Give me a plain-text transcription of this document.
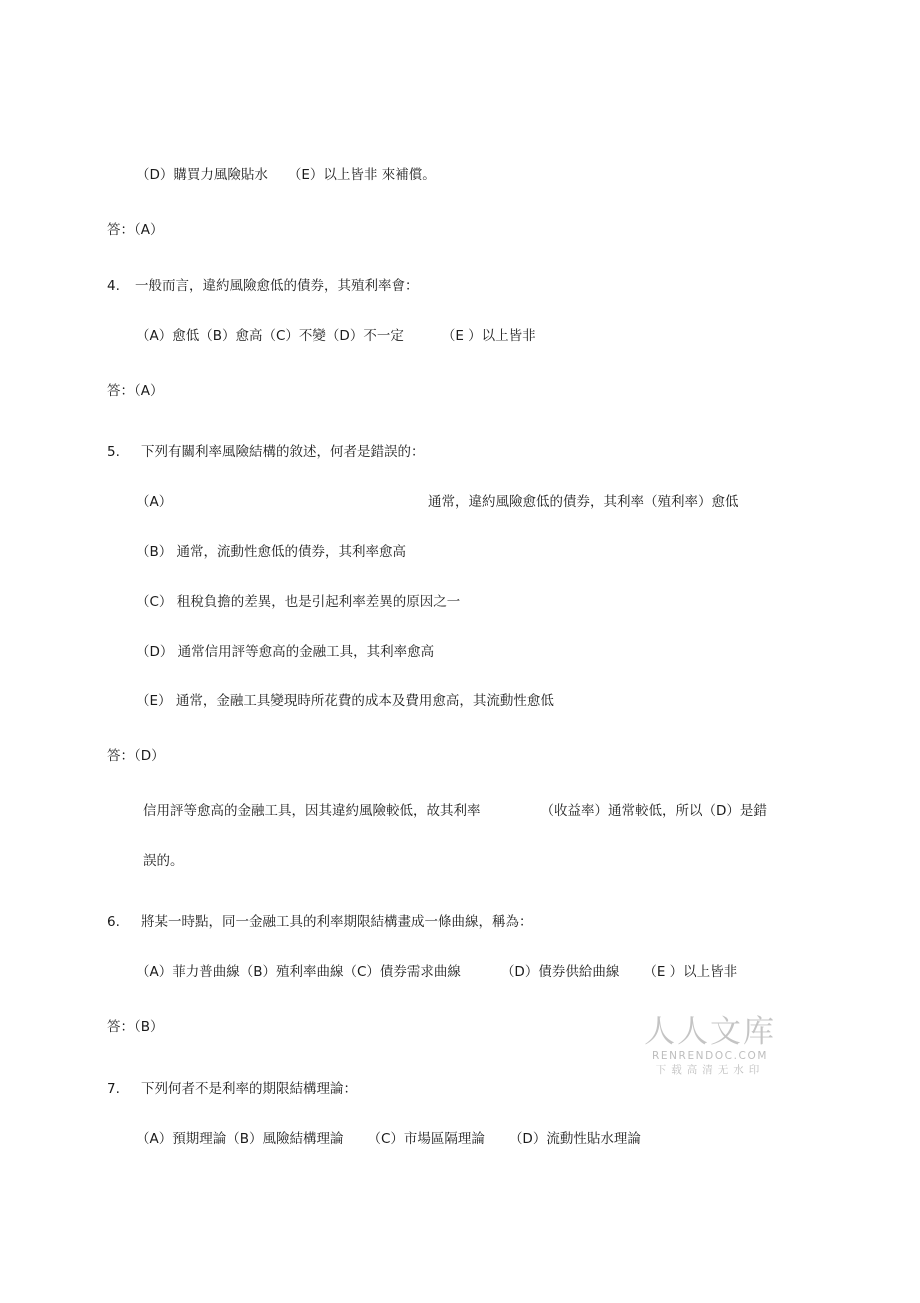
（D）購買力風險貼水 （E）以上皆非 來補償。
答：（A）
4. 一般而言，違約風險愈低的債券，其殖利率會：
（A）愈低（B）愈高（C）不變（D）不一定	（E ）以上皆非
答：（A）
5. 下列有關利率風險結構的敘述，何者是錯誤的：
（A）	通常，違約風險愈低的債券，其利率（殖利率）愈低
（B） 通常，流動性愈低的債券，其利率愈高
（C） 租稅負擔的差異，也是引起利率差異的原因之一
（D） 通常信用評等愈高的金融工具，其利率愈高
（E） 通常，金融工具變現時所花費的成本及費用愈高，其流動性愈低
答：（D）
信用評等愈高的金融工具，因其違約風險較低，故其利率	（收益率）通常較低，所以（D）是錯
誤的。
6. 將某一時點，同一金融工具的利率期限結構畫成一條曲線，稱為：
（A）菲力普曲線（B）殖利率曲線（C）債券需求曲線	（D）債券供給曲線 （E ）以上皆非
答：（B）
7. 下列何者不是利率的期限結構理論：
（A）預期理論（B）風險結構理論 （C）市場區隔理論 （D）流動性貼水理論
人人文库
RENRENDOC.COM
下载高清无水印
